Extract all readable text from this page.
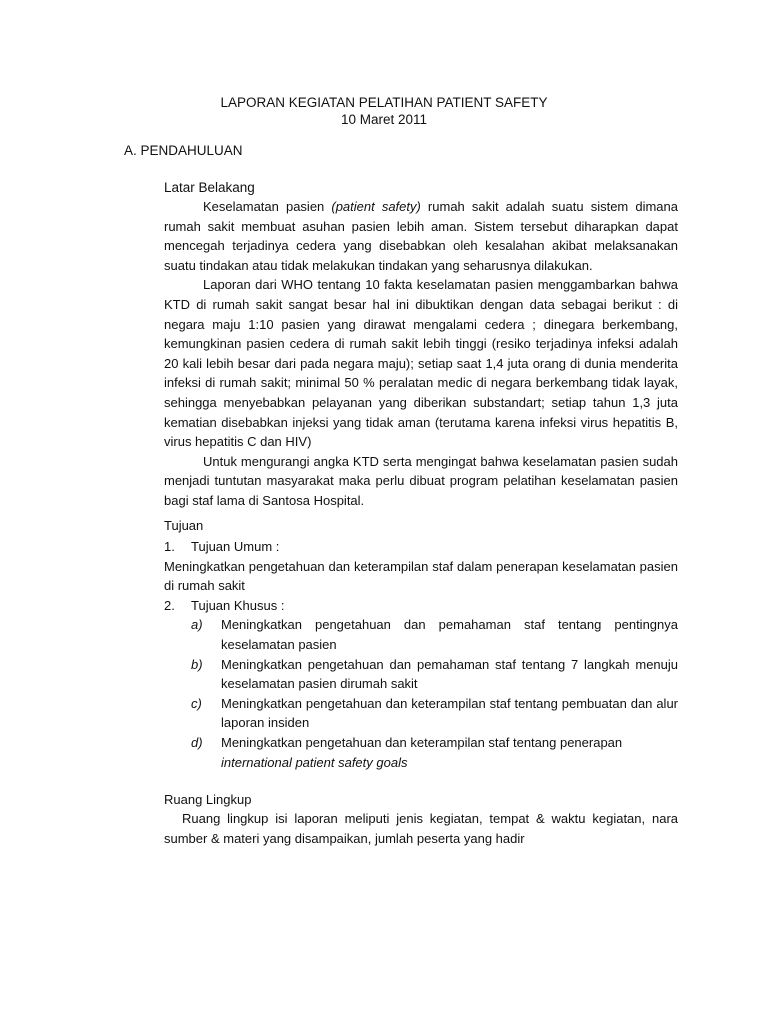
LAPORAN KEGIATAN PELATIHAN PATIENT SAFETY
10 Maret 2011
A. PENDAHULUAN
Latar Belakang

Keselamatan pasien (patient safety) rumah sakit adalah suatu sistem dimana rumah sakit membuat asuhan pasien lebih aman. Sistem tersebut diharapkan dapat mencegah terjadinya cedera yang disebabkan oleh kesalahan akibat melaksanakan suatu tindakan atau tidak melakukan tindakan yang seharusnya dilakukan.

Laporan dari WHO tentang 10 fakta keselamatan pasien menggambarkan bahwa KTD di rumah sakit sangat besar hal ini dibuktikan dengan data sebagai berikut : di negara maju 1:10 pasien yang dirawat mengalami cedera ; dinegara berkembang, kemungkinan pasien cedera di rumah sakit lebih tinggi (resiko terjadinya infeksi adalah 20 kali lebih besar dari pada negara maju); setiap saat 1,4 juta orang di dunia menderita infeksi di rumah sakit; minimal 50 % peralatan medic di negara berkembang tidak layak, sehingga menyebabkan pelayanan yang diberikan substandart; setiap tahun 1,3 juta kematian disebabkan injeksi yang tidak aman (terutama karena infeksi virus hepatitis B, virus hepatitis C dan HIV)

Untuk mengurangi angka KTD serta mengingat bahwa keselamatan pasien sudah menjadi tuntutan masyarakat maka perlu dibuat program pelatihan keselamatan pasien bagi staf lama di Santosa Hospital.

Tujuan
1. Tujuan Umum :

Meningkatkan pengetahuan dan keterampilan staf dalam penerapan keselamatan pasien di rumah sakit

2. Tujuan Khusus :
a) Meningkatkan pengetahuan dan pemahaman staf tentang pentingnya keselamatan pasien
b) Meningkatkan pengetahuan dan pemahaman staf tentang 7 langkah menuju keselamatan pasien dirumah sakit
c) Meningkatkan pengetahuan dan keterampilan staf tentang pembuatan dan alur laporan insiden
d) Meningkatkan pengetahuan dan keterampilan staf tentang penerapan
international patient safety goals
Ruang Lingkup

Ruang lingkup isi laporan meliputi jenis kegiatan, tempat & waktu kegiatan, nara sumber & materi yang disampaikan, jumlah peserta yang hadir
